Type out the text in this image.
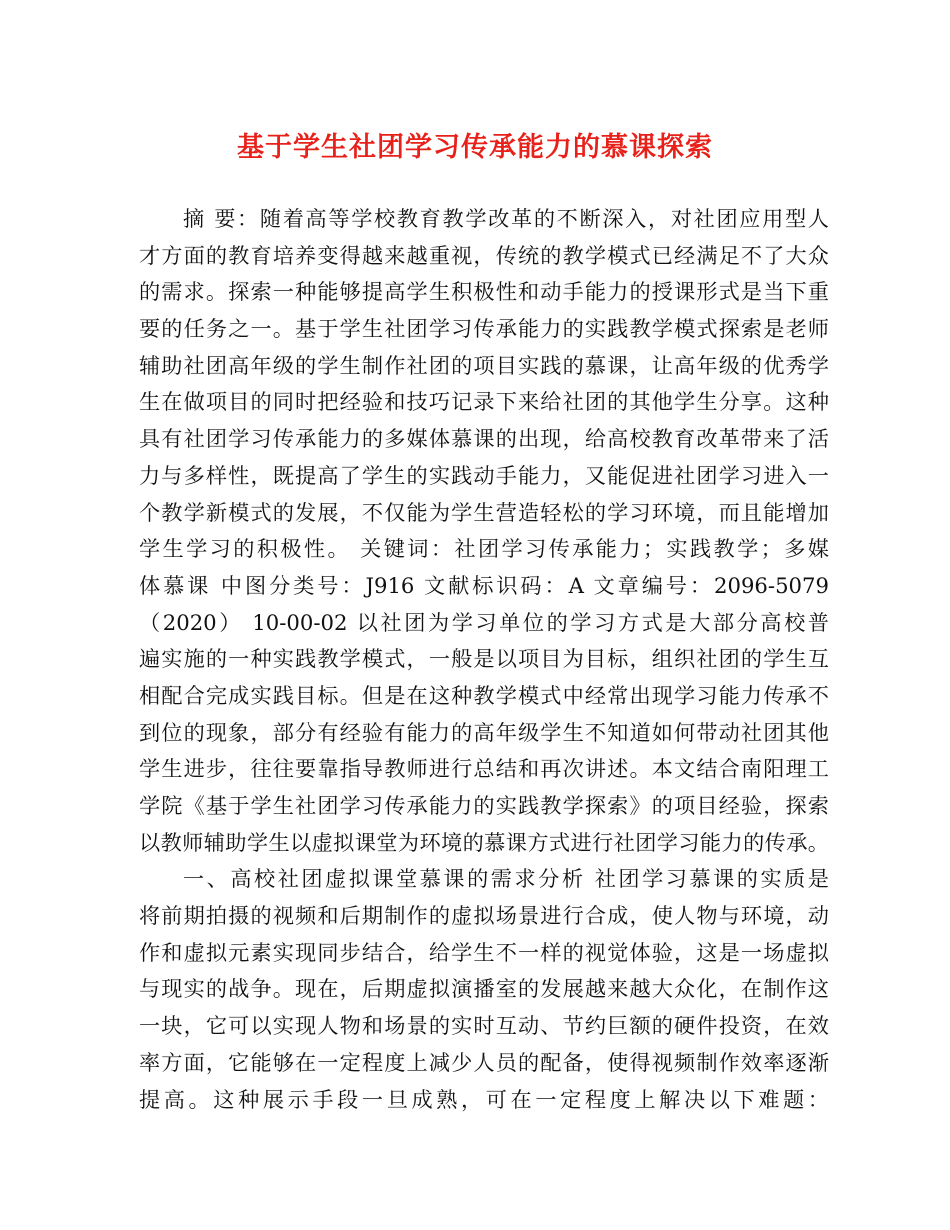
基于学生社团学习传承能力的慕课探索
摘 要：随着高等学校教育教学改革的不断深入，对社团应用型人
才方面的教育培养变得越来越重视，传统的教学模式已经满足不了大众
的需求。探索一种能够提高学生积极性和动手能力的授课形式是当下重
要的任务之一。基于学生社团学习传承能力的实践教学模式探索是老师
辅助社团高年级的学生制作社团的项目实践的慕课，让高年级的优秀学
生在做项目的同时把经验和技巧记录下来给社团的其他学生分享。这种
具有社团学习传承能力的多媒体慕课的出现，给高校教育改革带来了活
力与多样性，既提高了学生的实践动手能力，又能促进社团学习进入一
个教学新模式的发展，不仅能为学生营造轻松的学习环境，而且能增加
学生学习的积极性。 关键词：社团学习传承能力；实践教学；多媒
体慕课 中图分类号：J916 文献标识码：A 文章编号：2096-5079
（2020） 10-00-02 以社团为学习单位的学习方式是大部分高校普
遍实施的一种实践教学模式，一般是以项目为目标，组织社团的学生互
相配合完成实践目标。但是在这种教学模式中经常出现学习能力传承不
到位的现象，部分有经验有能力的高年级学生不知道如何带动社团其他
学生进步，往往要靠指导教师进行总结和再次讲述。本文结合南阳理工
学院《基于学生社团学习传承能力的实践教学探索》的项目经验，探索
以教师辅助学生以虚拟课堂为环境的慕课方式进行社团学习能力的传承。
一、高校社团虚拟课堂慕课的需求分析 社团学习慕课的实质是
将前期拍摄的视频和后期制作的虚拟场景进行合成，使人物与环境，动
作和虚拟元素实现同步结合，给学生不一样的视觉体验，这是一场虚拟
与现实的战争。现在，后期虚拟演播室的发展越来越大众化，在制作这
一块，它可以实现人物和场景的实时互动、节约巨额的硬件投资，在效
率方面，它能够在一定程度上减少人员的配备，使得视频制作效率逐渐
提高。这种展示手段一旦成熟，可在一定程度上解决以下难题：
